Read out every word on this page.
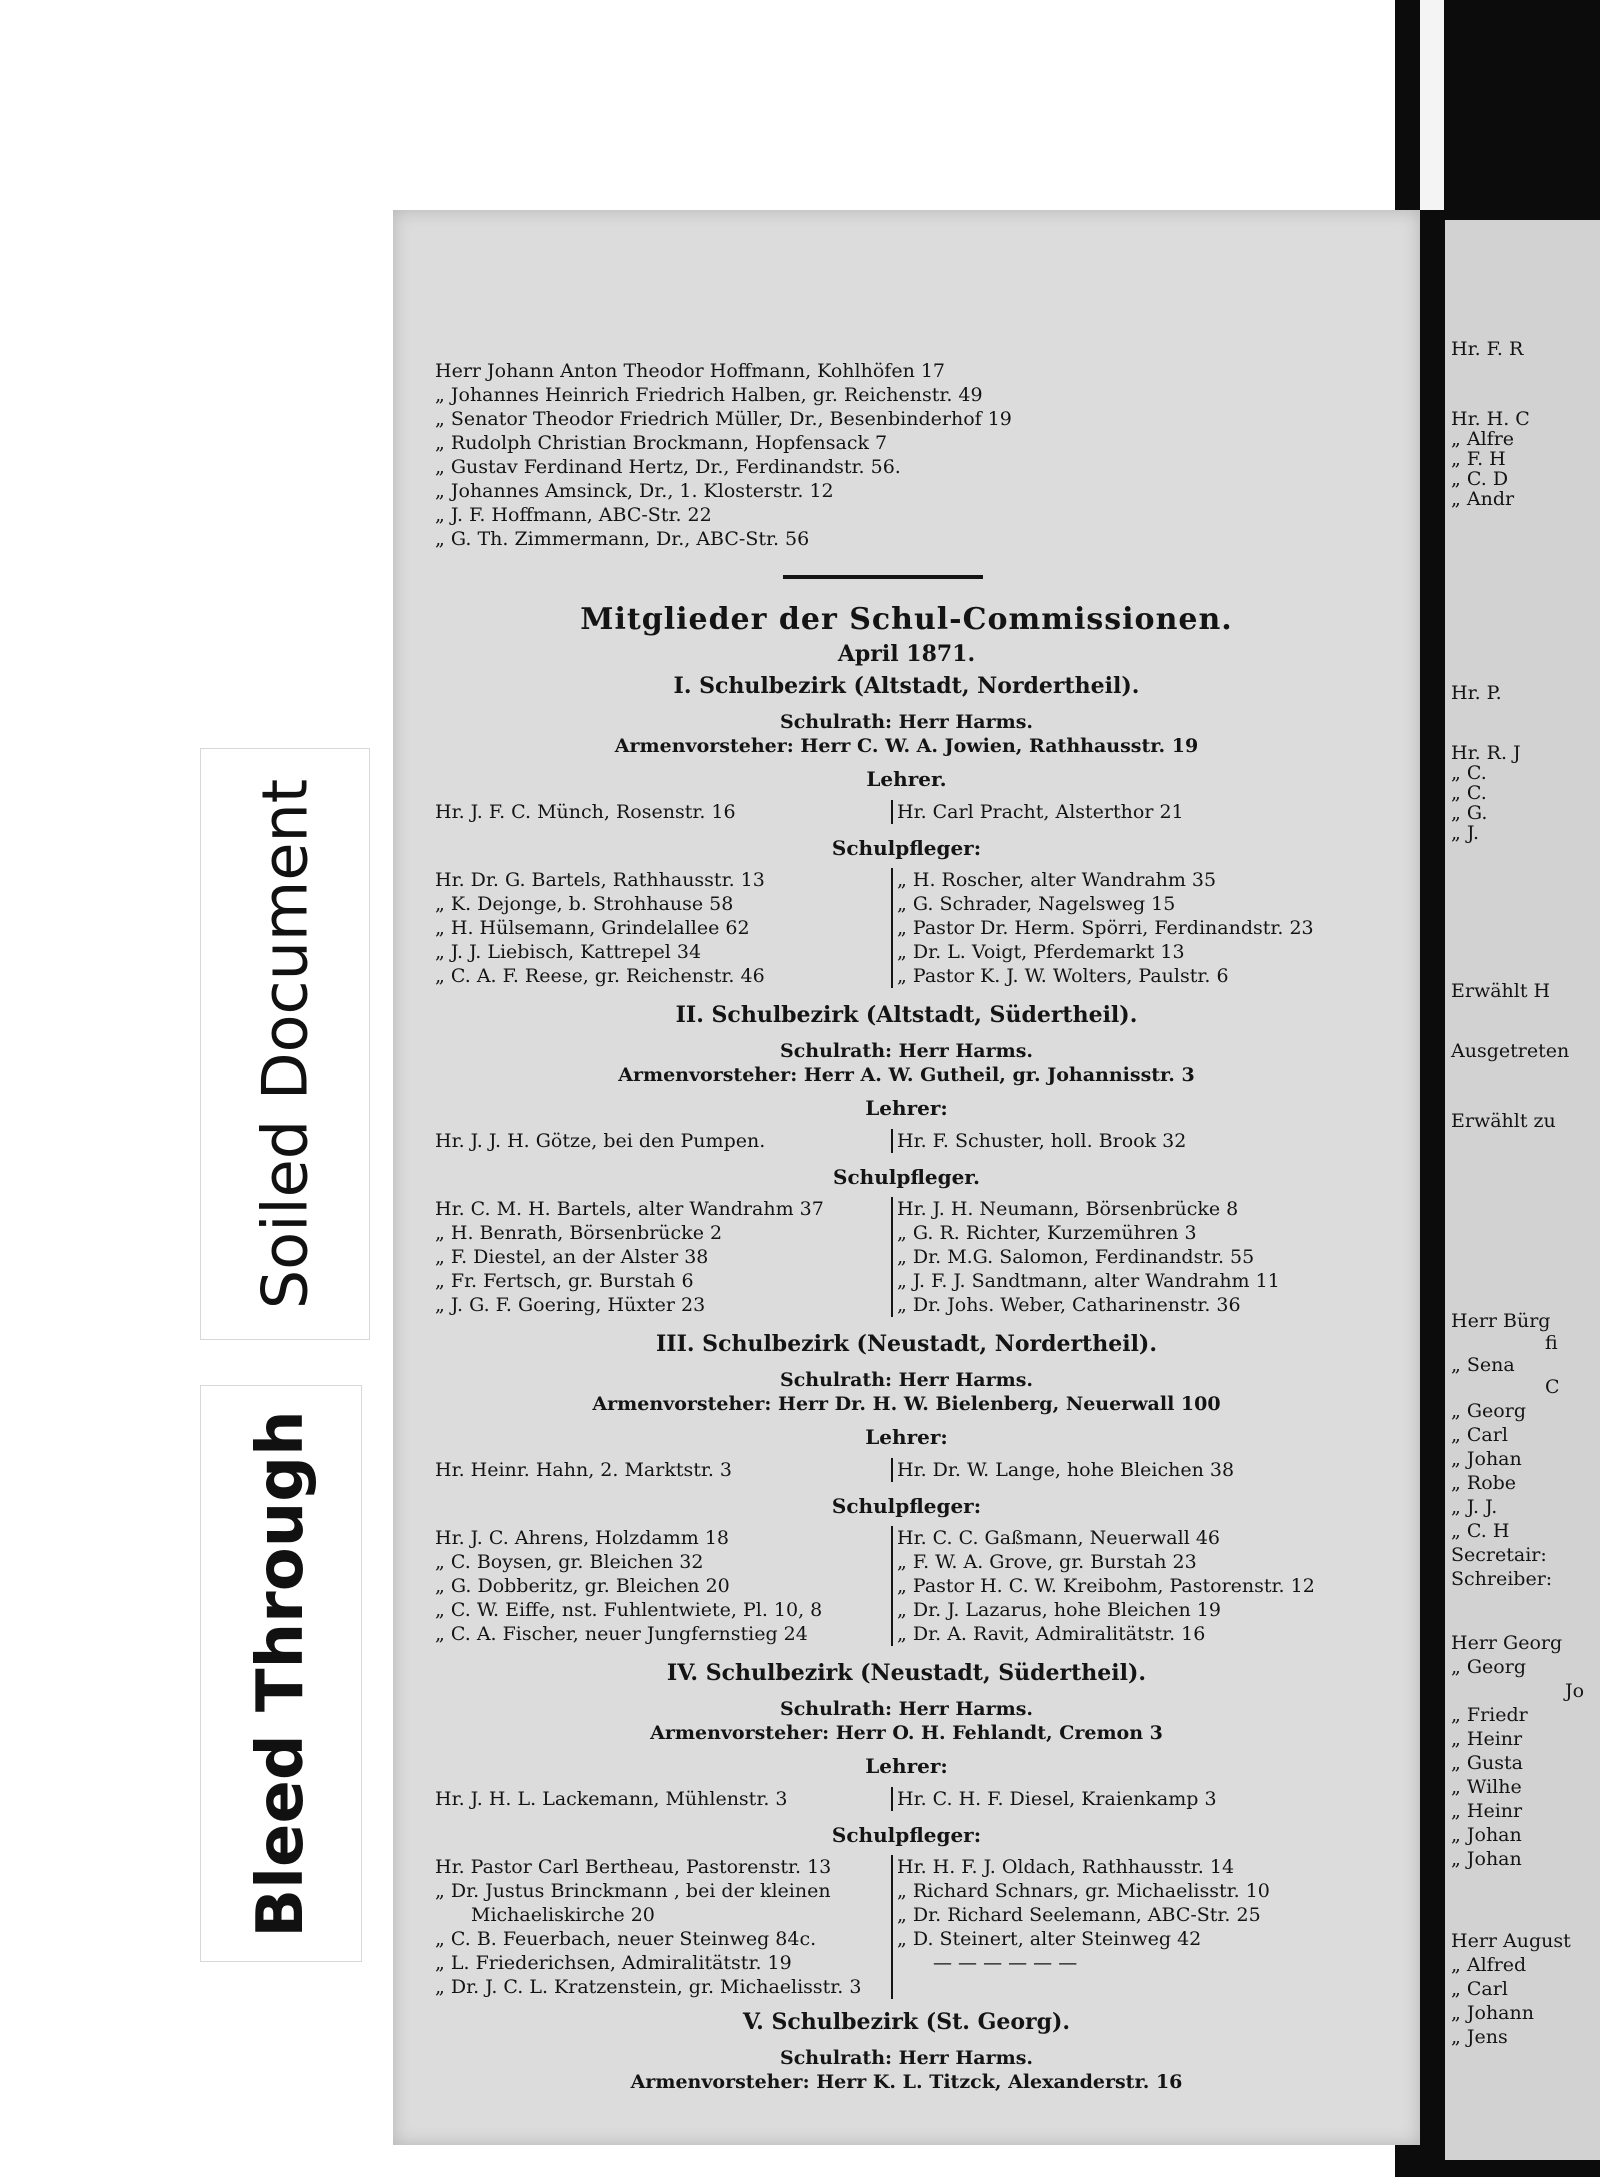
Hr. F. R
Hr. H. C
„ Alfre
„ F. H
„ C. D
„ Andr
Hr. P.
Hr. R. J
„ C.
„ C.
„ G.
„ J.
Erwählt H
Ausgetreten
Erwählt zu
Herr Bürg
fi
„ Sena
C
„ Georg
„ Carl
„ Johan
„ Robe
„ J. J.
„ C. H
Secretair:
Schreiber:
Herr Georg
„ Georg
Jo
„ Friedr
„ Heinr
„ Gusta
„ Wilhe
„ Heinr
„ Johan
„ Johan
Herr August
„ Alfred
„ Carl
„ Johann
„ Jens
Herr Johann Anton Theodor Hoffmann, Kohlhöfen 17
„ Johannes Heinrich Friedrich Halben, gr. Reichenstr. 49
„ Senator Theodor Friedrich Müller, Dr., Besenbinderhof 19
„ Rudolph Christian Brockmann, Hopfensack 7
„ Gustav Ferdinand Hertz, Dr., Ferdinandstr. 56.
„ Johannes Amsinck, Dr., 1. Klosterstr. 12
„ J. F. Hoffmann, ABC-Str. 22
„ G. Th. Zimmermann, Dr., ABC-Str. 56
Mitglieder der Schul-Commissionen.
April 1871.
I. Schulbezirk (Altstadt, Nordertheil).
Schulrath: Herr Harms.
Armenvorsteher: Herr C. W. A. Jowien, Rathhausstr. 19
Lehrer.
Hr. J. F. C. Münch, Rosenstr. 16	Hr. Carl Pracht, Alsterthor 21
Schulpfleger:
Hr. Dr. G. Bartels, Rathhausstr. 13
„ K. Dejonge, b. Strohhause 58
„ H. Hülsemann, Grindelallee 62
„ J. J. Liebisch, Kattrepel 34
„ C. A. F. Reese, gr. Reichenstr. 46
„ H. Roscher, alter Wandrahm 35
„ G. Schrader, Nagelsweg 15
„ Pastor Dr. Herm. Spörri, Ferdinandstr. 23
„ Dr. L. Voigt, Pferdemarkt 13
„ Pastor K. J. W. Wolters, Paulstr. 6
II. Schulbezirk (Altstadt, Südertheil).
Schulrath: Herr Harms.
Armenvorsteher: Herr A. W. Gutheil, gr. Johannisstr. 3
Lehrer:
Hr. J. J. H. Götze, bei den Pumpen.	Hr. F. Schuster, holl. Brook 32
Schulpfleger.
Hr. C. M. H. Bartels, alter Wandrahm 37
„ H. Benrath, Börsenbrücke 2
„ F. Diestel, an der Alster 38
„ Fr. Fertsch, gr. Burstah 6
„ J. G. F. Goering, Hüxter 23
Hr. J. H. Neumann, Börsenbrücke 8
„ G. R. Richter, Kurzemühren 3
„ Dr. M.G. Salomon, Ferdinandstr. 55
„ J. F. J. Sandtmann, alter Wandrahm 11
„ Dr. Johs. Weber, Catharinenstr. 36
III. Schulbezirk (Neustadt, Nordertheil).
Schulrath: Herr Harms.
Armenvorsteher: Herr Dr. H. W. Bielenberg, Neuerwall 100
Lehrer:
Hr. Heinr. Hahn, 2. Marktstr. 3	Hr. Dr. W. Lange, hohe Bleichen 38
Schulpfleger:
Hr. J. C. Ahrens, Holzdamm 18
„ C. Boysen, gr. Bleichen 32
„ G. Dobberitz, gr. Bleichen 20
„ C. W. Eiffe, nst. Fuhlentwiete, Pl. 10, 8
„ C. A. Fischer, neuer Jungfernstieg 24
Hr. C. C. Gaßmann, Neuerwall 46
„ F. W. A. Grove, gr. Burstah 23
„ Pastor H. C. W. Kreibohm, Pastorenstr. 12
„ Dr. J. Lazarus, hohe Bleichen 19
„ Dr. A. Ravit, Admiralitätstr. 16
IV. Schulbezirk (Neustadt, Südertheil).
Schulrath: Herr Harms.
Armenvorsteher: Herr O. H. Fehlandt, Cremon 3
Lehrer:
Hr. J. H. L. Lackemann, Mühlenstr. 3	Hr. C. H. F. Diesel, Kraienkamp 3
Schulpfleger:
Hr. Pastor Carl Bertheau, Pastorenstr. 13
„ Dr. Justus Brinckmann , bei der kleinen
Michaeliskirche 20
„ C. B. Feuerbach, neuer Steinweg 84c.
„ L. Friederichsen, Admiralitätstr. 19
„ Dr. J. C. L. Kratzenstein, gr. Michaelisstr. 3
Hr. H. F. J. Oldach, Rathhausstr. 14
„ Richard Schnars, gr. Michaelisstr. 10
„ Dr. Richard Seelemann, ABC-Str. 25
„ D. Steinert, alter Steinweg 42
— — — — — —
V. Schulbezirk (St. Georg).
Schulrath: Herr Harms.
Armenvorsteher: Herr K. L. Titzck, Alexanderstr. 16
Soiled Document
Bleed Through
